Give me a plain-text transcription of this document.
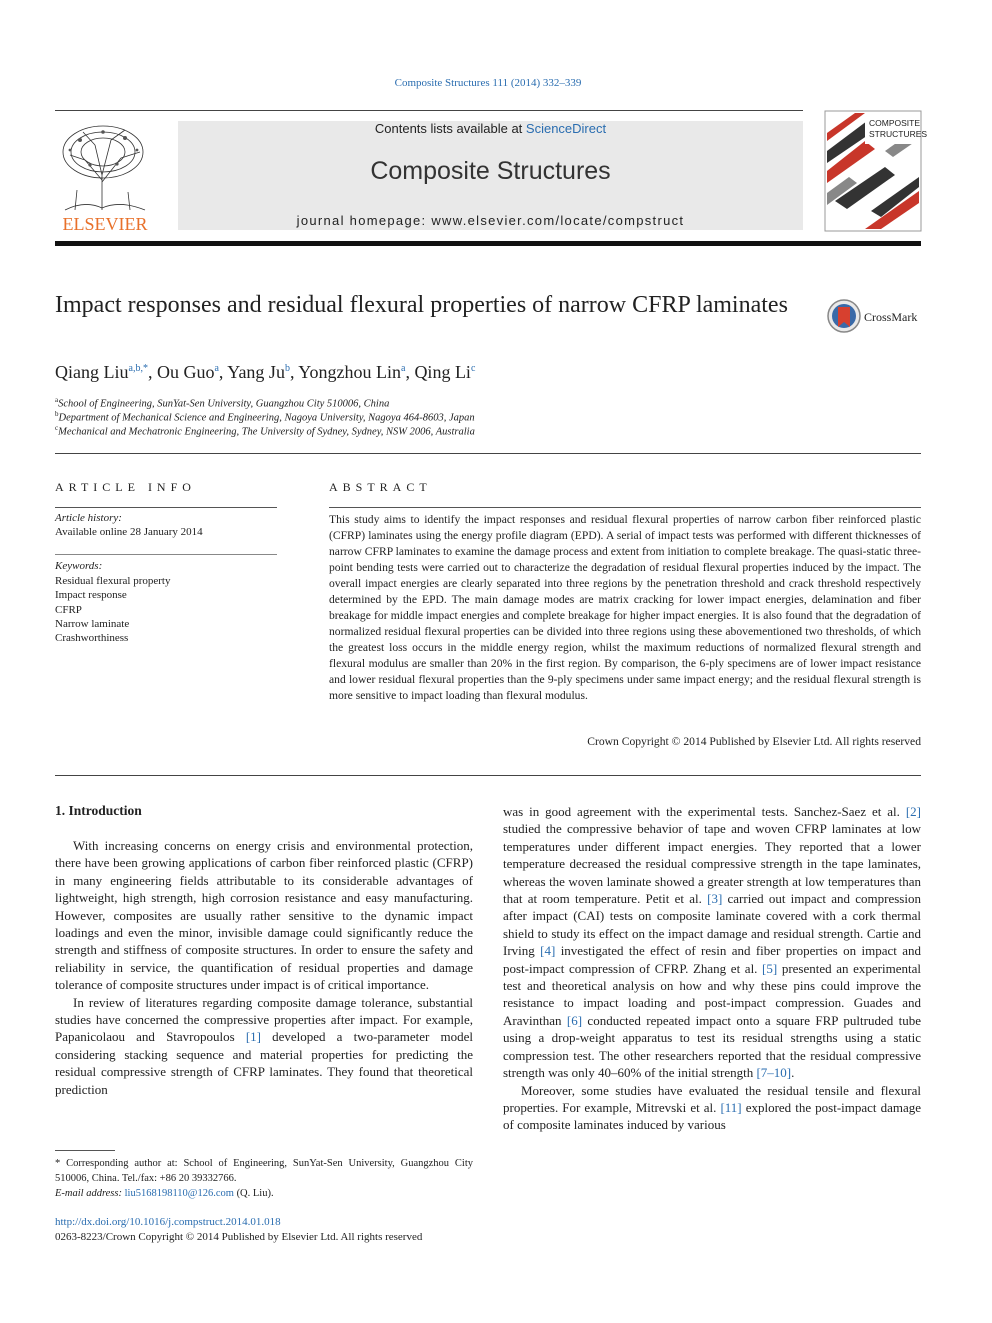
Composite Structures 111 (2014) 332–339
ELSEVIER
Contents lists available at ScienceDirect
Composite Structures
journal homepage: www.elsevier.com/locate/compstruct
COMPOSITE
STRUCTURES
Impact responses and residual flexural properties of narrow CFRP laminates	CrossMark
Qiang Liu$^{a,b,*}$, Ou Guo$^a$, Yang Ju$^b$, Yongzhou Lin$^a$, Qing Li$^c$
$^a$School of Engineering, SunYat-Sen University, Guangzhou City 510006, China
$^b$Department of Mechanical Science and Engineering, Nagoya University, Nagoya 464-8603, Japan
$^c$Mechanical and Mechatronic Engineering, The University of Sydney, Sydney, NSW 2006, Australia
ARTICLE INFO
Article history:
Available online 28 January 2014
Keywords:
Residual flexural property
Impact response
CFRP
Narrow laminate
Crashworthiness
ABSTRACT
This study aims to identify the impact responses and residual flexural properties of narrow carbon fiber reinforced plastic (CFRP) laminates using the energy profile diagram (EPD). A serial of impact tests was performed with different thicknesses of narrow CFRP laminates to examine the damage process and extent from initiation to complete breakage. The quasi-static three-point bending tests were carried out to characterize the degradation of residual flexural properties induced by the impact. The overall impact energies are clearly separated into three regions by the penetration threshold and crack threshold respectively determined by the EPD. The main damage modes are matrix cracking for lower impact energies, delamination and fiber breakage for middle impact energies and complete breakage for higher impact energies. It is also found that the degradation of normalized residual flexural properties can be divided into three regions using these abovementioned two thresholds, of which the greatest loss occurs in the middle energy region, whilst the maximum reductions of normalized flexural strength and flexural modulus are smaller than 20% in the first region. By comparison, the 6-ply specimens are of lower impact resistance and lower residual flexural properties than the 9-ply specimens under same impact energy; and the residual flexural strength is more sensitive to impact loading than flexural modulus.
Crown Copyright © 2014 Published by Elsevier Ltd. All rights reserved
1. Introduction

With increasing concerns on energy crisis and environmental protection, there have been growing applications of carbon fiber reinforced plastic (CFRP) in many engineering fields attributable to its considerable advantages of lightweight, high strength, high corrosion resistance and easy manufacturing. However, composites are usually rather sensitive to the dynamic impact loadings and even the minor, invisible damage could significantly reduce the strength and stiffness of composite structures. In order to ensure the safety and reliability in service, the quantification of residual properties and damage tolerance of composite structures under impact is of critical importance.

In review of literatures regarding composite damage tolerance, substantial studies have concerned the compressive properties after impact. For example, Papanicolaou and Stavropoulos [1] developed a two-parameter model considering stacking sequence and material properties for predicting the residual compressive strength of CFRP laminates. They found that theoretical prediction

was in good agreement with the experimental tests. Sanchez-Saez et al. [2] studied the compressive behavior of tape and woven CFRP laminates at low temperatures under different impact energies. They reported that a lower temperature decreased the residual compressive strength in the tape laminates, whereas the woven laminate showed a greater strength at low temperatures than that at room temperature. Petit et al. [3] carried out impact and compression after impact (CAI) tests on composite laminate covered with a cork thermal shield to study its effect on the impact damage and residual strength. Cartie and Irving [4] investigated the effect of resin and fiber properties on impact and post-impact compression of CFRP. Zhang et al. [5] presented an experimental test and theoretical analysis on how and why these pins could improve the resistance to impact loading and post-impact compression. Guades and Aravinthan [6] conducted repeated impact onto a square FRP pultruded tube using a drop-weight apparatus to test its residual strengths using a static compression test. The other researchers reported that the residual compressive strength was only 40–60% of the initial strength [7–10].

Moreover, some studies have evaluated the residual tensile and flexural properties. For example, Mitrevski et al. [11] explored the post-impact damage of composite laminates induced by various

* Corresponding author at: School of Engineering, SunYat-Sen University, Guangzhou City 510006, China. Tel./fax: +86 20 39332766.
E-mail address: liu5168198110@126.com (Q. Liu).
http://dx.doi.org/10.1016/j.compstruct.2014.01.018
0263-8223/Crown Copyright © 2014 Published by Elsevier Ltd. All rights reserved
